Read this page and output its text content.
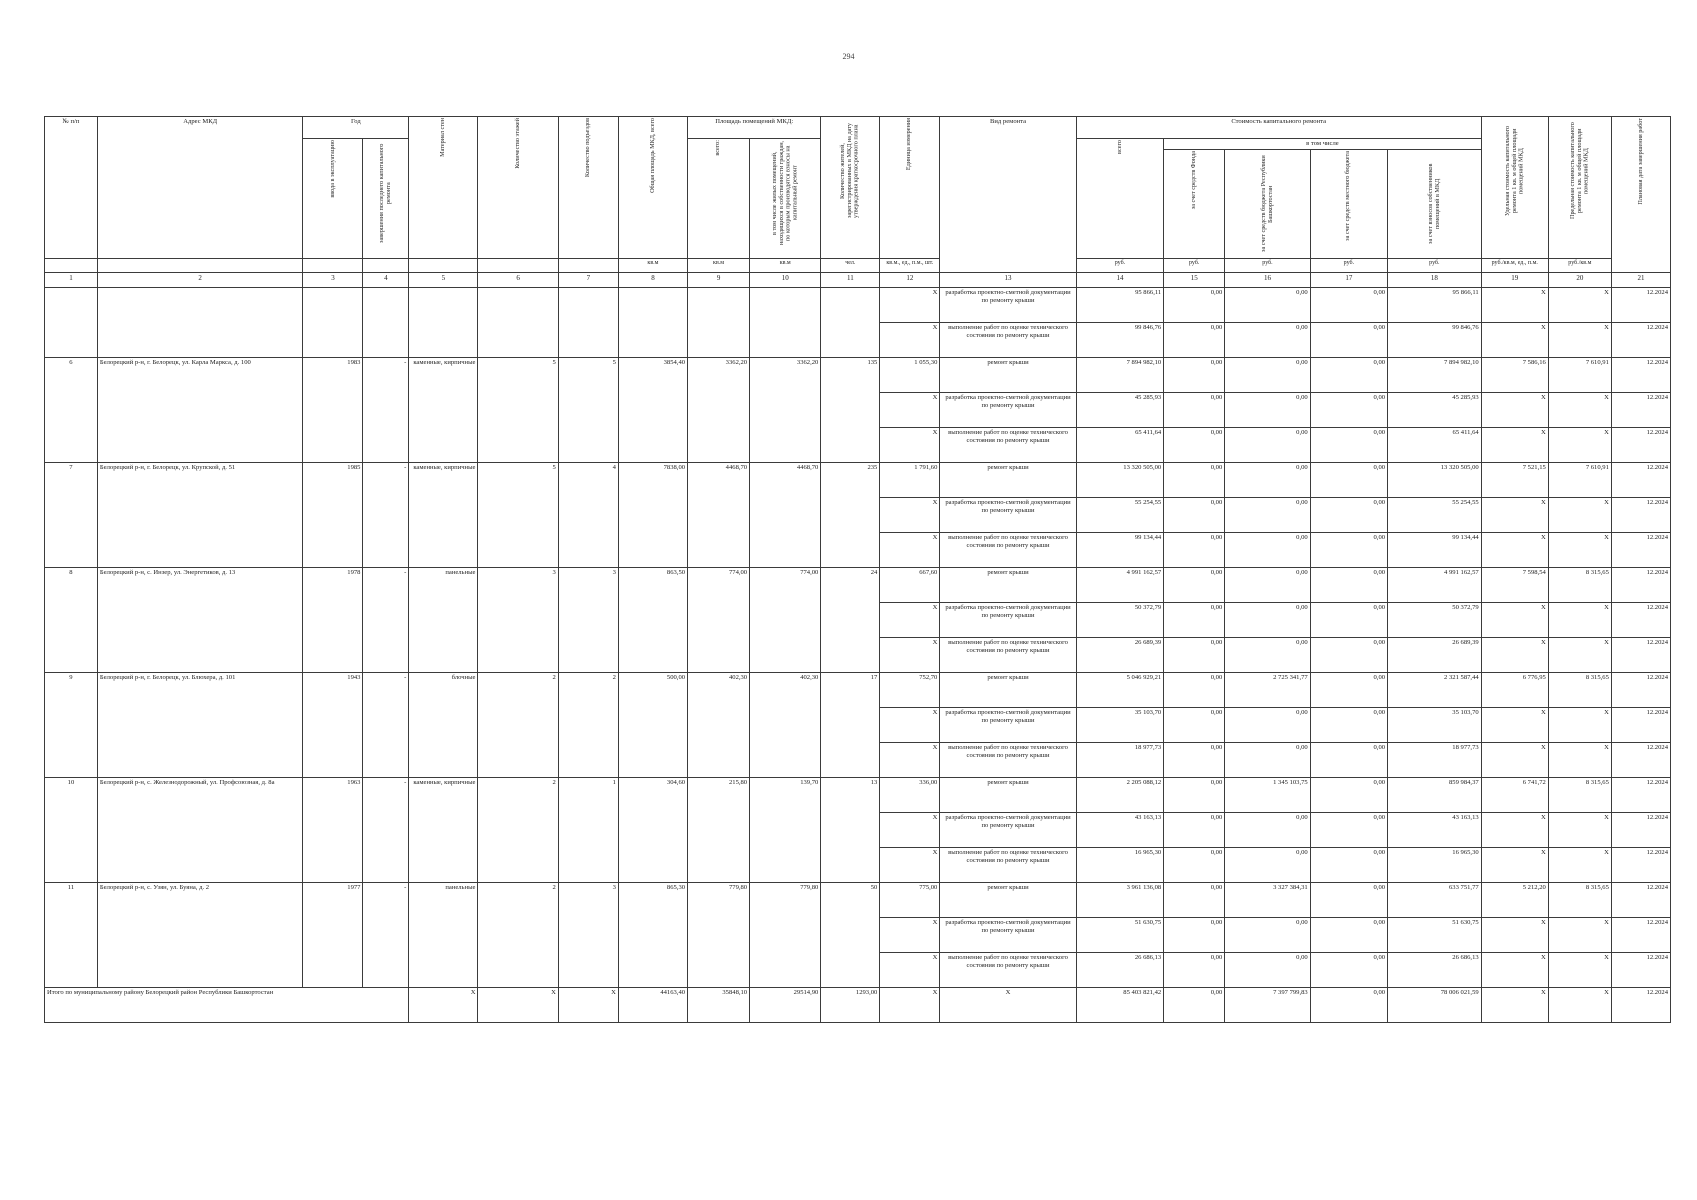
294
№ п/п	Адрес МКД	Год		Материал стен	Количество этажей	Количество подъездов	Общая площадь МКД, всего	Площадь помещений МКД:		Количество жителей, зарегистрированных в МКД на дату утверждения краткосрочного плана	Единица измерения	Вид ремонта	Стоимость капитального ремонта					Удельная стоимость капитального ремонта 1 кв. м общей площади помещений МКД	Предельная стоимость капитального ремонта 1 кв. м общей площади помещений МКД	Плановая дата завершения работ

		ввода в эксплуатацию	завершения последнего капитального ремонта					всего:	в том числе жилых помещений, находящихся в собственности граждан, по которым производятся взносы на капитальный ремонт				всего	в том числе						

														за счет средств Фонда	за счет средств бюджета Республики Башкортостан	за счет средств местного бюджета	за счет взносов собственников помещений в МКД			

							кв.м	кв.м	кв.м	чел.	кв.м., ед., п.м., шт.		руб.	руб.	руб.	руб.	руб.	руб./кв.м, ед., п.м.	руб./кв.м	
1	2	3	4	5	6	7	8	9	10	11	12	13	14	15	16	17	18	19	20	21
											X	разработка проектно-сметной документации по ремонту крыши	95 866,11	0,00	0,00	0,00	95 866,11	X	X	12.2024
											X	выполнение работ по оценке технического состояния по ремонту крыши	99 846,76	0,00	0,00	0,00	99 846,76	X	X	12.2024
6	Белорецкий р-н, г. Белорецк, ул. Карла Маркса, д. 100	1983	-	каменные, кирпичные	5	5	3854,40	3362,20	3362,20	135	1 055,30	ремонт крыши	7 894 982,10	0,00	0,00	0,00	7 894 982,10	7 586,16	7 610,91	12.2024
											X	разработка проектно-сметной документации по ремонту крыши	45 285,93	0,00	0,00	0,00	45 285,93	X	X	12.2024
											X	выполнение работ по оценке технического состояния по ремонту крыши	65 411,64	0,00	0,00	0,00	65 411,64	X	X	12.2024
7	Белорецкий р-н, г. Белорецк, ул. Крупской, д. 51	1985	-	каменные, кирпичные	5	4	7838,00	4468,70	4468,70	235	1 791,60	ремонт крыши	13 320 505,00	0,00	0,00	0,00	13 320 505,00	7 521,15	7 610,91	12.2024
											X	разработка проектно-сметной документации по ремонту крыши	55 254,55	0,00	0,00	0,00	55 254,55	X	X	12.2024
											X	выполнение работ по оценке технического состояния по ремонту крыши	99 134,44	0,00	0,00	0,00	99 134,44	X	X	12.2024
8	Белорецкий р-н, с. Инзер, ул. Энергетиков, д. 13	1978	-	панельные	3	3	863,50	774,00	774,00	24	667,60	ремонт крыши	4 991 162,57	0,00	0,00	0,00	4 991 162,57	7 598,54	8 315,65	12.2024
											X	разработка проектно-сметной документации по ремонту крыши	50 372,79	0,00	0,00	0,00	50 372,79	X	X	12.2024
											X	выполнение работ по оценке технического состояния по ремонту крыши	26 689,39	0,00	0,00	0,00	26 689,39	X	X	12.2024
9	Белорецкий р-н, г. Белорецк, ул. Блюхера, д. 101	1943	-	блочные	2	2	500,00	402,30	402,30	17	752,70	ремонт крыши	5 046 929,21	0,00	2 725 341,77	0,00	2 321 587,44	6 776,95	8 315,65	12.2024
											X	разработка проектно-сметной документации по ремонту крыши	35 103,70	0,00	0,00	0,00	35 103,70	X	X	12.2024
											X	выполнение работ по оценке технического состояния по ремонту крыши	18 977,73	0,00	0,00	0,00	18 977,73	X	X	12.2024
10	Белорецкий р-н, с. Железнодорожный, ул. Профсоюзная, д. 8а	1963	-	каменные, кирпичные	2	1	304,60	215,80	139,70	13	336,00	ремонт крыши	2 205 088,12	0,00	1 345 103,75	0,00	859 984,37	6 741,72	8 315,65	12.2024
											X	разработка проектно-сметной документации по ремонту крыши	43 163,13	0,00	0,00	0,00	43 163,13	X	X	12.2024
											X	выполнение работ по оценке технического состояния по ремонту крыши	16 965,30	0,00	0,00	0,00	16 965,30	X	X	12.2024
11	Белорецкий р-н, с. Узян, ул. Буяна, д. 2	1977	-	панельные	2	3	865,30	779,80	779,80	50	775,00	ремонт крыши	3 961 136,08	0,00	3 327 384,31	0,00	633 751,77	5 212,20	8 315,65	12.2024
											X	разработка проектно-сметной документации по ремонту крыши	51 630,75	0,00	0,00	0,00	51 630,75	X	X	12.2024
											X	выполнение работ по оценке технического состояния по ремонту крыши	26 686,13	0,00	0,00	0,00	26 686,13	X	X	12.2024
Итого по муниципальному району Белорецкий район Республики Башкортостан				X	X	X	44163,40	35848,10	29514,90	1293,00	X	X	85 403 821,42	0,00	7 397 799,83	0,00	78 006 021,59	X	X	12.2024
